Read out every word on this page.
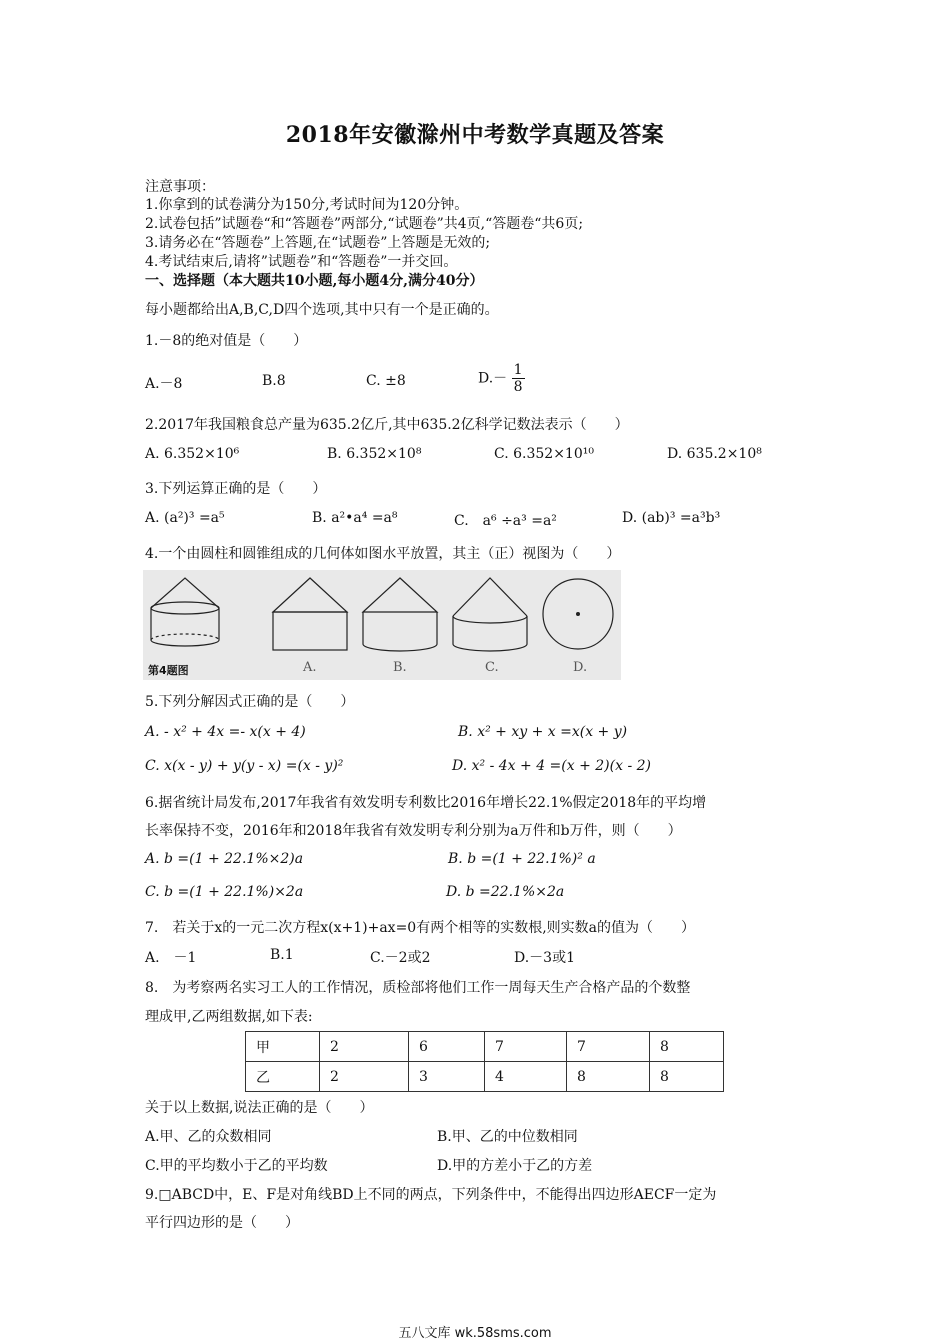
2018年安徽滁州中考数学真题及答案
注意事项：
1.你拿到的试卷满分为150分,考试时间为120分钟。
2.试卷包括”试题卷“和“答题卷”两部分,“试题卷”共4页,“答题卷“共6页;
3.请务必在“答题卷”上答题,在“试题卷”上答题是无效的;
4.考试结束后,请将”试题卷”和“答题卷”一并交回。
一、选择题（本大题共10小题,每小题4分,满分40分）
每小题都给出A,B,C,D四个选项,其中只有一个是正确的。
1.－8的绝对值是（　　）
A.－8	B.8	C. ±8	$D.- \frac{1}{8}$
2.2017年我国粮食总产量为635.2亿斤,其中635.2亿科学记数法表示（　　）
A. 6.352×10⁶	B. 6.352×10⁸	C. 6.352×10¹⁰	D. 635.2×10⁸
3.下列运算正确的是（　　）
A. (a²)³ =a⁵	B. a²•a⁴ =a⁸	C.　a⁶ ÷a³ =a²	D. (ab)³ =a³b³
4.一个由圆柱和圆锥组成的几何体如图水平放置，其主（正）视图为（　　）
第4题图	A.	B.	C.	D.
5.下列分解因式正确的是（　　）
A. - x² + 4x =- x(x + 4)	B. x² + xy + x =x(x + y)
C. x(x - y) + y(y - x) =(x - y)²	D. x² - 4x + 4 =(x + 2)(x - 2)
6.据省统计局发布,2017年我省有效发明专利数比2016年增长22.1%假定2018年的平均增
长率保持不变，2016年和2018年我省有效发明专利分别为a万件和b万件，则（　　）
A. b =(1 + 22.1%×2)a	B. b =(1 + 22.1%)² a
C. b =(1 + 22.1%)×2a	D. b =22.1%×2a
7.　若关于x的一元二次方程x(x+1)+ax=0有两个相等的实数根,则实数a的值为（　　）
A.　－1	B.1	C.－2或2	D.－3或1
8.　为考察两名实习工人的工作情况，质检部将他们工作一周每天生产合格产品的个数整
理成甲,乙两组数据,如下表:
甲	2	6	7	7	8
乙	2	3	4	8	8
关于以上数据,说法正确的是（　　）
A.甲、乙的众数相同	B.甲、乙的中位数相同
C.甲的平均数小于乙的平均数	D.甲的方差小于乙的方差
9.□ABCD中，E、F是对角线BD上不同的两点，下列条件中，不能得出四边形AECF一定为
平行四边形的是（　　）
五八文库 wk.58sms.com
